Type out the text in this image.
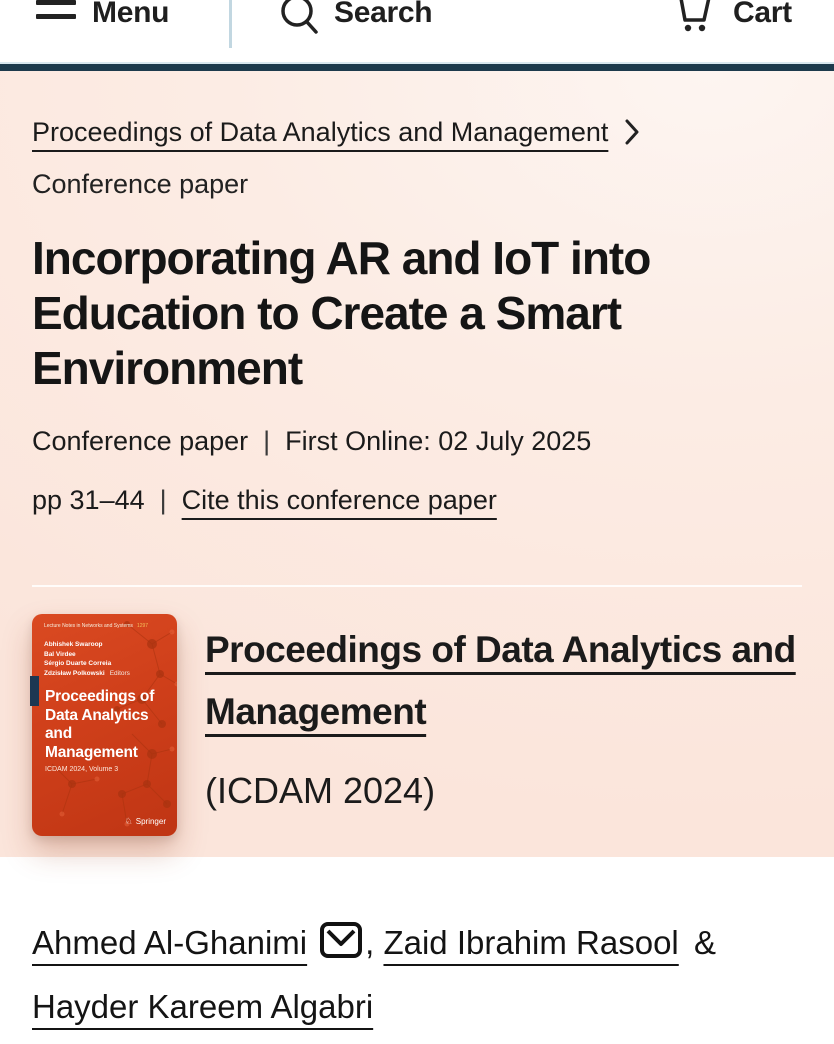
Menu	Search	Cart
Proceedings of Data Analytics and Management
Conference paper
Incorporating AR and IoT into Education to Create a Smart Environment
Conference paper | First Online: 02 July 2025
pp 31–44 | Cite this conference paper
Lecture Notes in Networks and Systems 1297
Abhishek Swaroop
Bal Virdee
Sérgio Duarte Correia
Zdzisław Polkowski Editors
Proceedings of Data Analytics and Management
ICDAM 2024, Volume 3
♘ Springer
Proceedings of Data Analytics and Management
(ICDAM 2024)
Ahmed Al-Ghanimi , Zaid Ibrahim Rasool & Hayder Kareem Algabri
